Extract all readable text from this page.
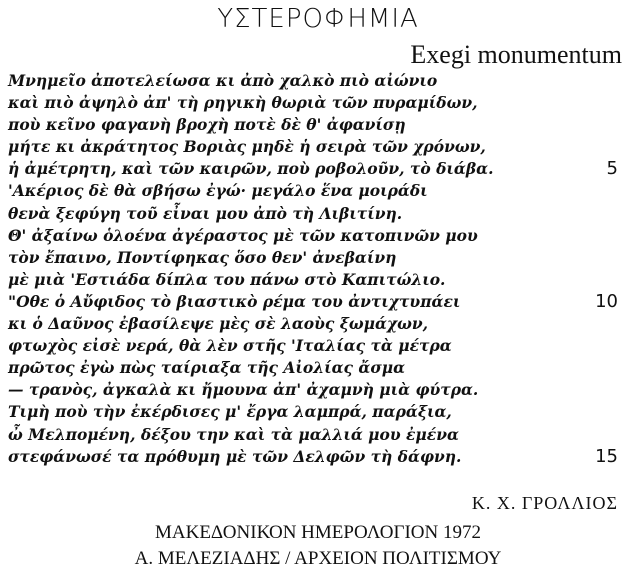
ΥΣΤΕΡΟΦΗΜΙΑ
Exegi monumentum
Μνημεῖο ἀποτελείωσα κι ἀπὸ χαλκὸ πιὸ αἰώνιο
καὶ πιὸ ἀψηλὸ ἀπ' τὴ ρηγικὴ θωριὰ τῶν πυραμίδων,
ποὺ κεῖνο φαγανὴ βροχὴ ποτὲ δὲ θ' ἀφανίσῃ
μήτε κι ἀκράτητος Βοριὰς μηδὲ ἡ σειρὰ τῶν χρόνων,
ἡ ἀμέτρητη, καὶ τῶν καιρῶν, ποὺ ροβολοῦν, τὸ διάβα.	5
'Ακέριος δὲ θὰ σβήσω ἐγώ· μεγάλο ἕνα μοιράδι
θενὰ ξεφύγη τοῦ εἶναι μου ἀπὸ τὴ Λιβιτίνη.
Θ' ἀξαίνω ὁλοένα ἀγέραστος μὲ τῶν κατοπινῶν μου
τὸν ἔπαινο, Ποντίφηκας ὅσο θεν' ἀνεβαίνη
μὲ μιὰ 'Εστιάδα δίπλα του πάνω στὸ Καπιτώλιο.
"Οθε ὁ Αὔφιδος τὸ βιαστικὸ ρέμα του ἀντιχτυπάει	10
κι ὁ Δαῦνος ἐβασίλεψε μὲς σὲ λαοὺς ξωμάχων,
φτωχὸς εἰσὲ νερά, θὰ λὲν στῆς 'Ιταλίας τὰ μέτρα
πρῶτος ἐγὼ πὼς ταίριαξα τῆς Αἰολίας ἄσμα
— τρανὸς, ἀγκαλὰ κι ἤμουνα ἀπ' ἀχαμνὴ μιὰ φύτρα.
Τιμὴ ποὺ τὴν ἐκέρδισες μ' ἔργα λαμπρά, παράξια,
ὦ Μελπομένη, δέξου την καὶ τὰ μαλλιά μου ἐμένα
στεφάνωσέ τα πρόθυμη μὲ τῶν Δελφῶν τὴ δάφνη.	15
Κ. Χ. ΓΡΟΛΛΙΟΣ
ΜΑΚΕΔΟΝΙΚΟΝ ΗΜΕΡΟΛΟΓΙΟΝ 1972
Α. ΜΕΛΕΖΙΑΔΗΣ / ΑΡΧΕΙΟΝ ΠΟΛΙΤΙΣΜΟΥ
